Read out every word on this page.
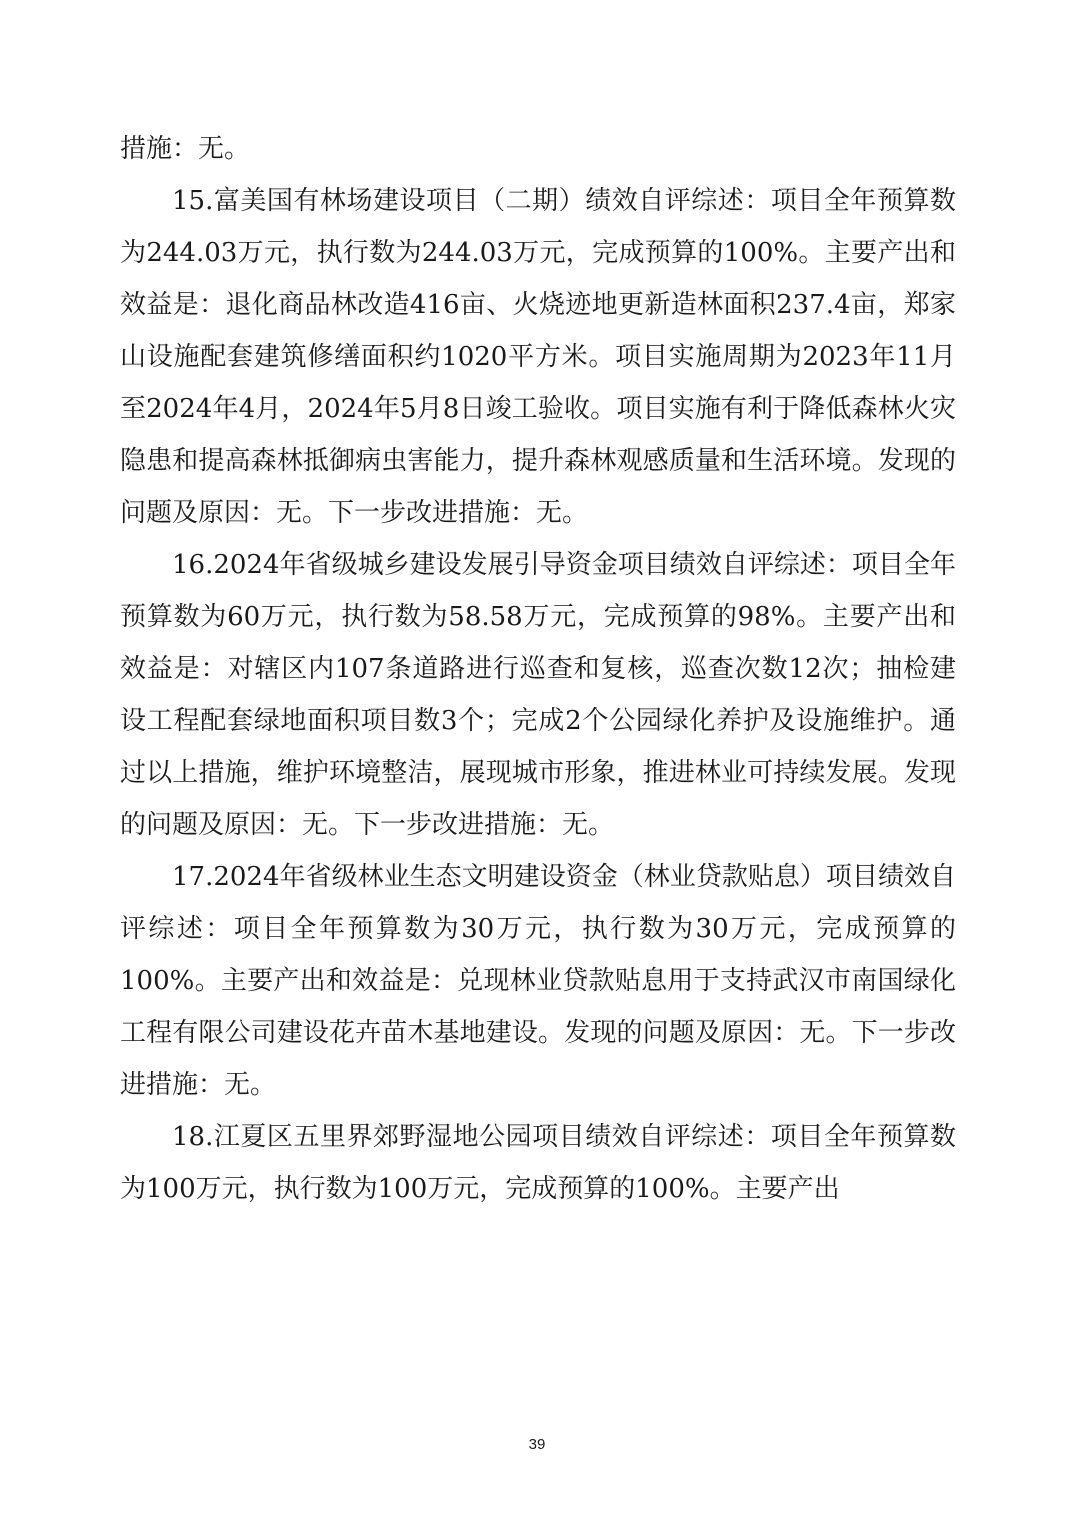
措施：无。

15.富美国有林场建设项目（二期）绩效自评综述：项目全年预算数为244.03万元，执行数为244.03万元，完成预算的100%。主要产出和效益是：退化商品林改造416亩、火烧迹地更新造林面积237.4亩，郑家山设施配套建筑修缮面积约1020平方米。项目实施周期为2023年11月至2024年4月，2024年5月8日竣工验收。项目实施有利于降低森林火灾隐患和提高森林抵御病虫害能力，提升森林观感质量和生活环境。发现的问题及原因：无。下一步改进措施：无。

16.2024年省级城乡建设发展引导资金项目绩效自评综述：项目全年预算数为60万元，执行数为58.58万元，完成预算的98%。主要产出和效益是：对辖区内107条道路进行巡查和复核，巡查次数12次；抽检建设工程配套绿地面积项目数3个；完成2个公园绿化养护及设施维护。通过以上措施，维护环境整洁，展现城市形象，推进林业可持续发展。发现的问题及原因：无。下一步改进措施：无。

17.2024年省级林业生态文明建设资金（林业贷款贴息）项目绩效自评综述：项目全年预算数为30万元，执行数为30万元，完成预算的100%。主要产出和效益是：兑现林业贷款贴息用于支持武汉市南国绿化工程有限公司建设花卉苗木基地建设。发现的问题及原因：无。下一步改进措施：无。

18.江夏区五里界郊野湿地公园项目绩效自评综述：项目全年预算数为100万元，执行数为100万元，完成预算的100%。主要产出

39
